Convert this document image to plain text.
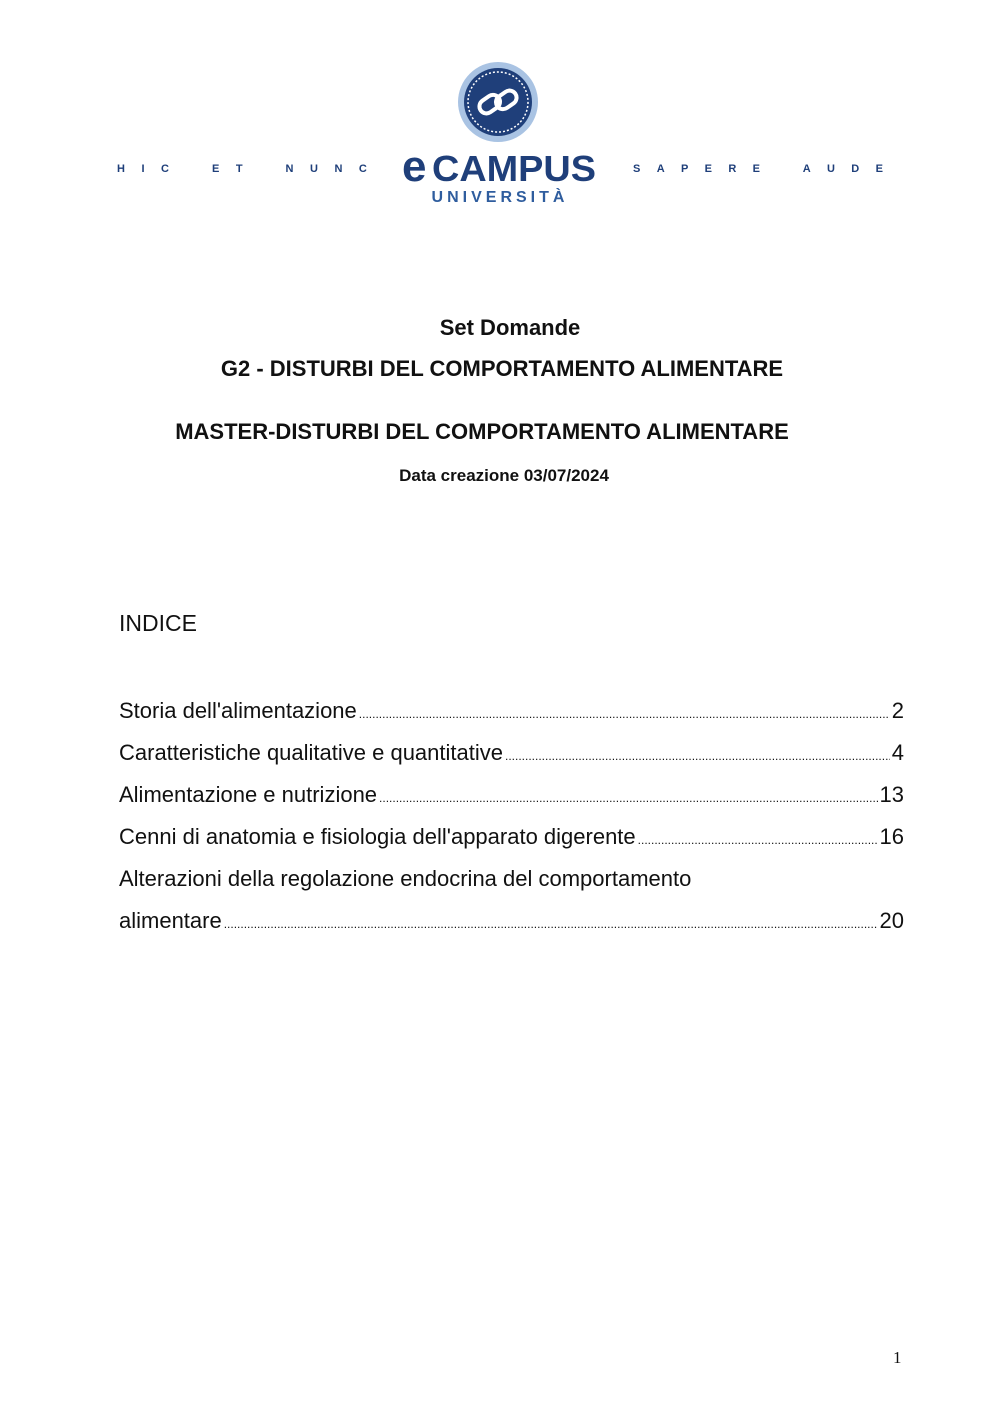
H I C	E T	N U N C e CAMPUS
UNIVERSITÀ
S A P E R E	A U D E
Set Domande
G2 - DISTURBI DEL COMPORTAMENTO ALIMENTARE
MASTER-DISTURBI DEL COMPORTAMENTO ALIMENTARE
Data creazione 03/07/2024
INDICE
Storia dell'alimentazione .....	2
Caratteristiche qualitative e quantitative .....	4
Alimentazione e nutrizione .....	13
Cenni di anatomia e fisiologia dell'apparato digerente .....	16
Alterazioni della regolazione endocrina del comportamento
alimentare .....	20
1
